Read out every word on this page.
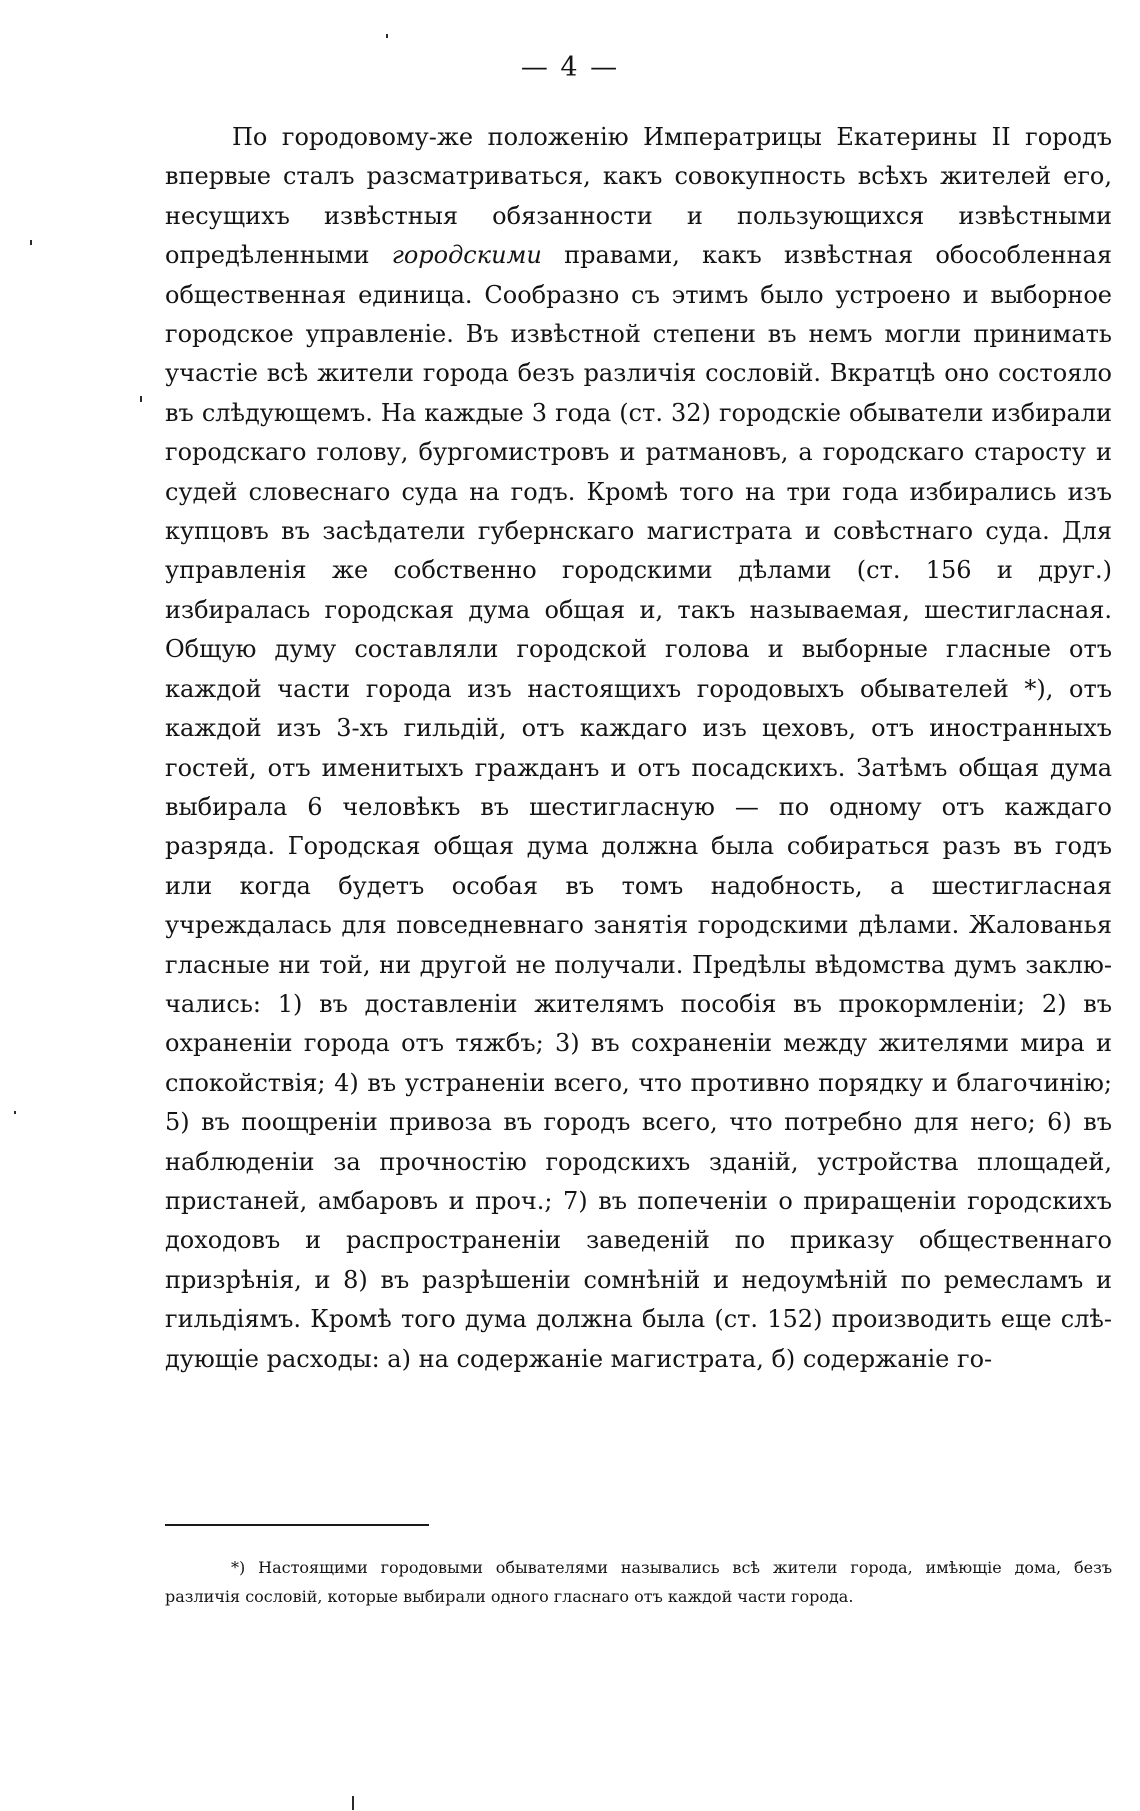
— 4 —

По городовому-же положенію Императрицы Екатерины II городъ впервые сталъ разсматриваться, какъ совокупность всѣхъ жителей его, несущихъ извѣстныя обязанности и пользующихся извѣстными опредѣленными городскими правами, какъ извѣстная обособленная общественная единица. Сообразно съ этимъ было устроено и выборное городское управленіе. Въ извѣстной степени въ немъ могли принимать участіе всѣ жители города безъ различія сословій. Вкратцѣ оно состояло въ слѣдующемъ. На каждые 3 года (ст. 32) городскіе обыватели избирали городскаго голову, бургомистровъ и ратмановъ, а городскаго старосту и судей словеснаго суда на годъ. Кромѣ того на три года избирались изъ купцовъ въ засѣдатели губернскаго магистрата и совѣстнаго суда. Для управленія же собственно городскими дѣлами (ст. 156 и друг.) избиралась городская дума общая и, такъ называемая, шестигласная. Общую думу составляли городской голова и выборные гласные отъ каждой части города изъ настоящихъ городовыхъ обывателей *), отъ каждой изъ 3-хъ гильдій, отъ каждаго изъ цеховъ, отъ иностранныхъ гостей, отъ именитыхъ гражданъ и отъ посадскихъ. Затѣмъ общая дума выбирала 6 человѣкъ въ шестигласную — по одному отъ каждаго разряда. Городская общая дума должна была собираться разъ въ годъ или когда будетъ особая въ томъ надобность, а шестигласная учреждалась для повседневнаго занятія городскими дѣлами. Жалованья гласные ни той, ни другой не получали. Предѣлы вѣдомства думъ заключались: 1) въ доставленіи жителямъ пособія въ прокормленіи; 2) въ охраненіи города отъ тяжбъ; 3) въ сохраненіи между жителями мира и спокойствія; 4) въ устраненіи всего, что противно порядку и благочинію; 5) въ поощреніи привоза въ городъ всего, что потребно для него; 6) въ наблюденіи за прочностію городскихъ зданій, устройства площадей, пристаней, амбаровъ и проч.; 7) въ попеченіи о приращеніи городскихъ доходовъ и распространеніи заведеній по приказу общественнаго призрѣнія, и 8) въ разрѣшеніи сомнѣній и недоумѣній по ремесламъ и гильдіямъ. Кромѣ того дума должна была (ст. 152) производить еще слѣдующіе расходы: а) на содержаніе магистрата, б) содержаніе го-

*) Настоящими городовыми обывателями назывались всѣ жители города, имѣющіе дома, безъ различія сословій, которые выбирали одного гласнаго отъ каждой части города.
